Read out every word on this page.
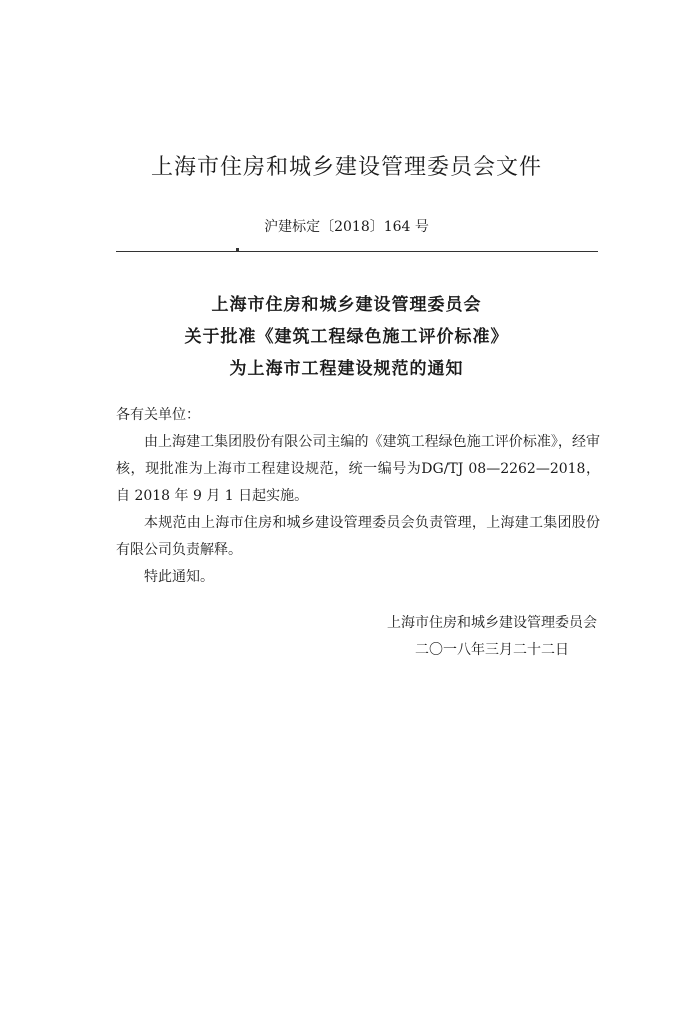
上海市住房和城乡建设管理委员会文件
沪建标定〔2018〕164 号
上海市住房和城乡建设管理委员会
关于批准《建筑工程绿色施工评价标准》
为上海市工程建设规范的通知
各有关单位：
由上海建工集团股份有限公司主编的《建筑工程绿色施工评价标准》，经审核，现批准为上海市工程建设规范，统一编号为DG/TJ 08—2262—2018，自 2018 年 9 月 1 日起实施。
本规范由上海市住房和城乡建设管理委员会负责管理，上海建工集团股份有限公司负责解释。
特此通知。
上海市住房和城乡建设管理委员会
二〇一八年三月二十二日
